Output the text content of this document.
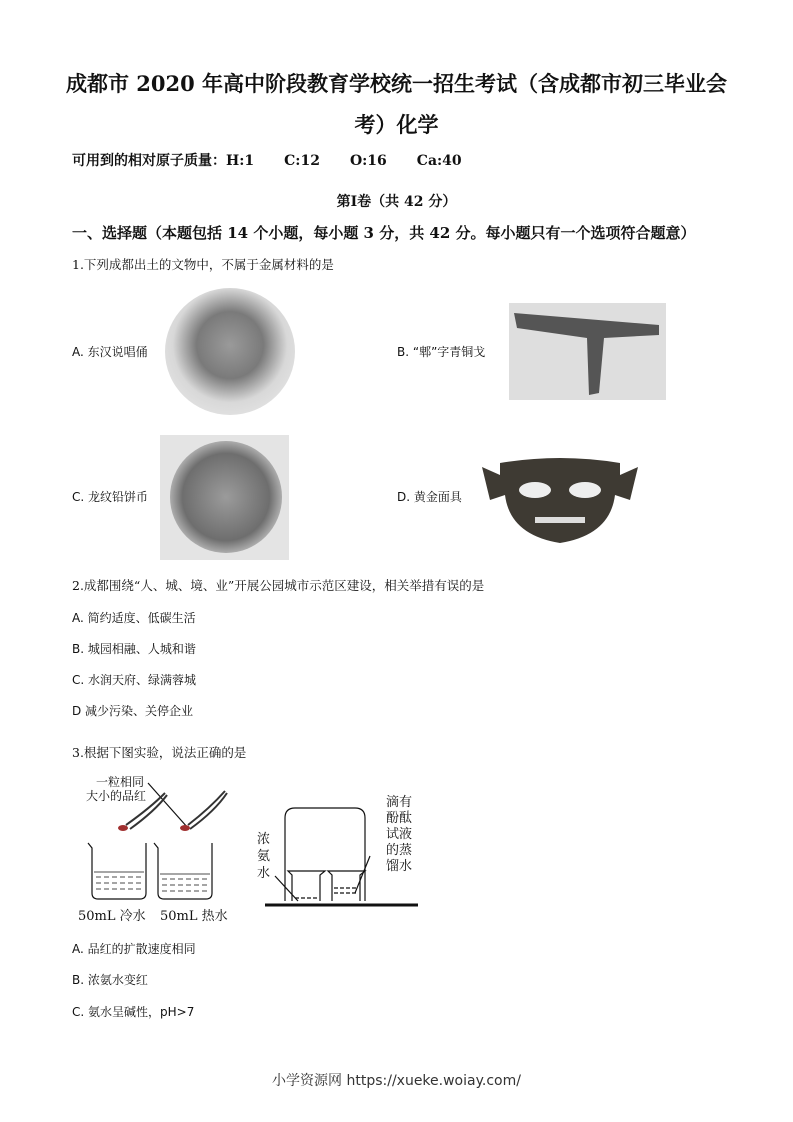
成都市 2020 年高中阶段教育学校统一招生考试（含成都市初三毕业会
考）化学
可用到的相对原子质量：H:1 C:12 O:16 Ca:40
第Ⅰ卷（共 42 分）
一、选择题（本题包括 14 个小题，每小题 3 分，共 42 分。每小题只有一个选项符合题意）
1.下列成都出土的文物中，不属于金属材料的是
A. 东汉说唱俑	B. “郫”字青铜戈
C. 龙纹铅饼币	D. 黄金面具
2.成都围绕“人、城、境、业”开展公园城市示范区建设，相关举措有误的是
A. 简约适度、低碳生活
B. 城园相融、人城和谐
C. 水润天府、绿满蓉城
D 减少污染、关停企业
3.根据下图实验，说法正确的是
一粒相同
大小的品红
50mL 冷水 50mL 热水
浓
氨
水
滴有
酚酞
试液
的蒸
馏水
A. 品红的扩散速度相同
B. 浓氨水变红
C. 氨水呈碱性，pH>7
小学资源网 https://xueke.woiay.com/
